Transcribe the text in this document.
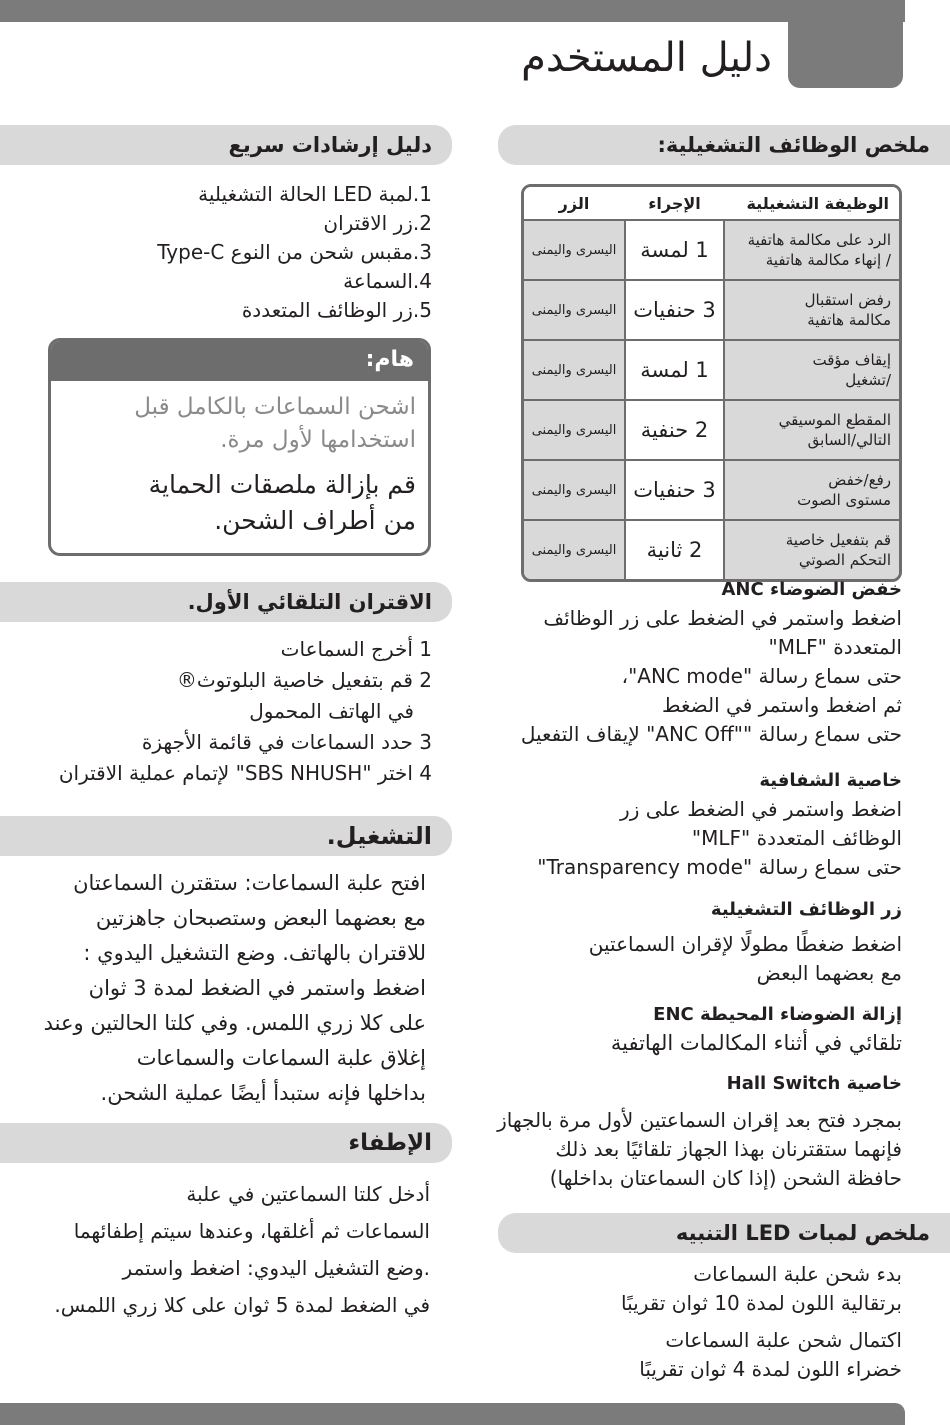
دليل المستخدم
دليل إرشادات سريع

1.لمبة LED الحالة التشغيلية

2.زر الاقتران

3.مقبس شحن من النوع Type-C

4.السماعة

5.زر الوظائف المتعددة

هام:
اشحن السماعات بالكامل قبل
استخدامها لأول مرة.
قم بإزالة ملصقات الحماية
من أطراف الشحن.
الاقتران التلقائي الأول.

1 أخرج السماعات

2 قم بتفعيل خاصية البلوتوث®

في الهاتف المحمول

3 حدد السماعات في قائمة الأجهزة

4 اختر "SBS NHUSH" لإتمام عملية الاقتران

التشغيل.

افتح علبة السماعات: ستقترن السماعتان

مع بعضهما البعض وستصبحان جاهزتين

للاقتران بالهاتف. وضع التشغيل اليدوي :

اضغط واستمر في الضغط لمدة 3 ثوان

على كلا زري اللمس. وفي كلتا الحالتين وعند

إغلاق علبة السماعات والسماعات

بداخلها فإنه ستبدأ أيضًا عملية الشحن.

الإطفاء

أدخل كلتا السماعتين في علبة

السماعات ثم أغلقها، وعندها سيتم إطفائهما

.وضع التشغيل اليدوي: اضغط واستمر

في الضغط لمدة 5 ثوان على كلا زري اللمس.

ملخص الوظائف التشغيلية:
الوظيفة التشغيلية	الإجراء	الزر

الرد على مكالمة هاتفية
/ إنهاء مكالمة هاتفية	1 لمسة	اليسرى واليمنى

رفض استقبال
مكالمة هاتفية	3 حنفيات	اليسرى واليمنى

إيقاف مؤقت
/تشغيل	1 لمسة	اليسرى واليمنى

المقطع الموسيقي
التالي/السابق	2 حنفية	اليسرى واليمنى

رفع/خفض
مستوى الصوت	3 حنفيات	اليسرى واليمنى

قم بتفعيل خاصية
التحكم الصوتي	2 ثانية	اليسرى واليمنى

خفض الضوضاء ANC

اضغط واستمر في الضغط على زر الوظائف

المتعددة "MLF"

حتى سماع رسالة "ANC mode"،

ثم اضغط واستمر في الضغط

حتى سماع رسالة ""ANC Off" لإيقاف التفعيل

خاصية الشفافية

اضغط واستمر في الضغط على زر

الوظائف المتعددة "MLF"

حتى سماع رسالة "Transparency mode"

زر الوظائف التشغيلية

اضغط ضغطًا مطولًا لإقران السماعتين

مع بعضهما البعض

إزالة الضوضاء المحيطة ENC

تلقائي في أثناء المكالمات الهاتفية

خاصية Hall Switch

بمجرد فتح بعد إقران السماعتين لأول مرة بالجهاز

فإنهما ستقترنان بهذا الجهاز تلقائيًا بعد ذلك

حافظة الشحن (إذا كان السماعتان بداخلها)

ملخص لمبات LED التنبيه

بدء شحن علبة السماعات

برتقالية اللون لمدة 10 ثوان تقريبًا

اكتمال شحن علبة السماعات

خضراء اللون لمدة 4 ثوان تقريبًا
